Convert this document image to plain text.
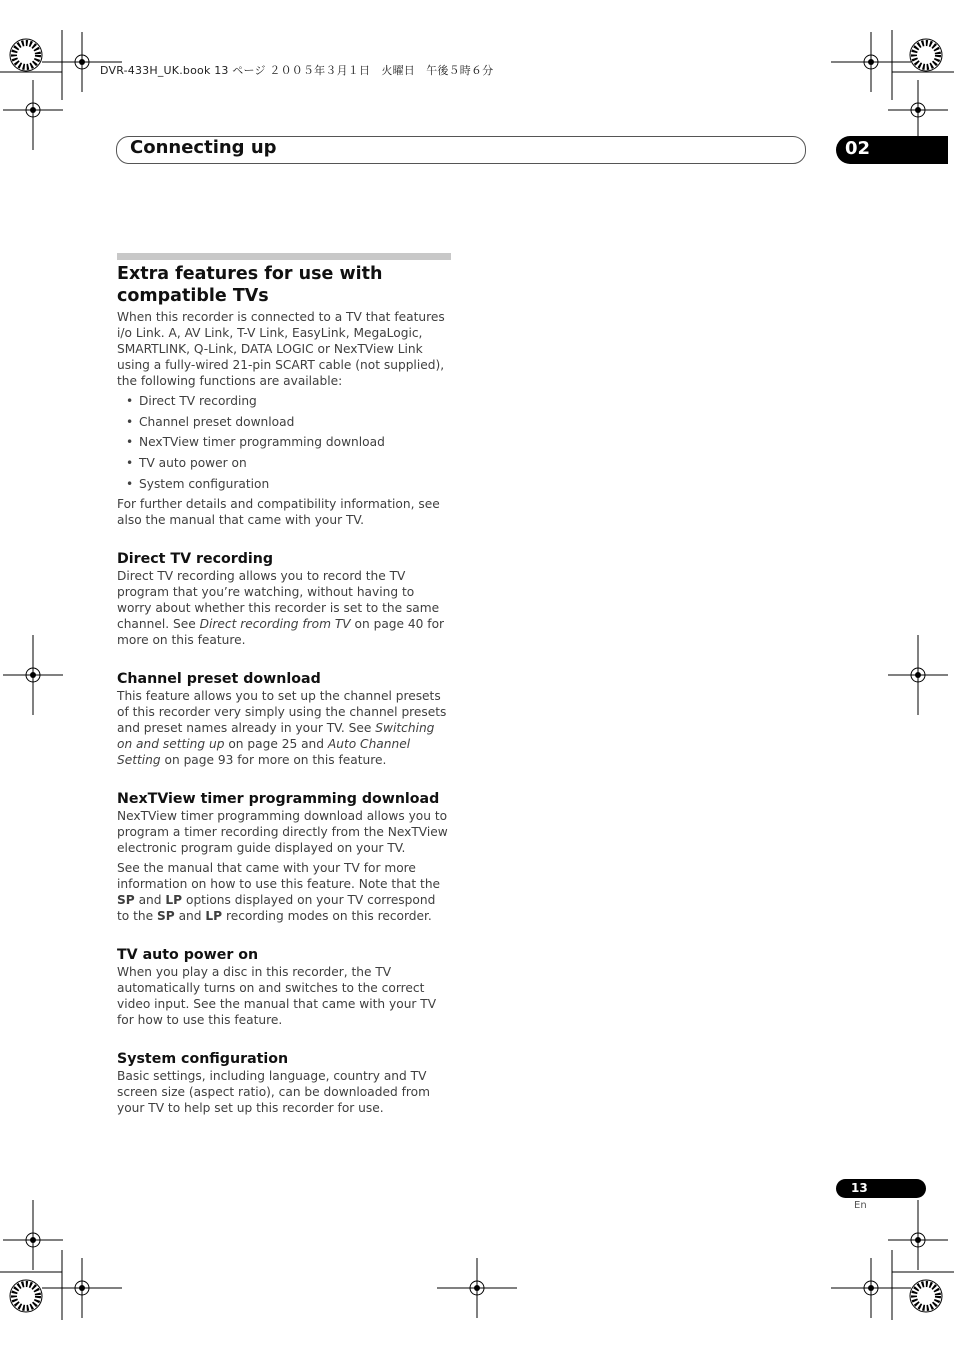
DVR-433H_UK.book 13 ページ ２００５年３月１日　火曜日　午後５時６分
Connecting up	02
Extra features for use with compatible TVs

When this recorder is connected to a TV that features i/o Link. A, AV Link, T-V Link, EasyLink, MegaLogic, SMARTLINK, Q-Link, DATA LOGIC or NexTView Link using a fully-wired 21-pin SCART cable (not supplied), the following functions are available:

• Direct TV recording
• Channel preset download
• NexTView timer programming download
• TV auto power on
• System configuration

For further details and compatibility information, see also the manual that came with your TV.

Direct TV recording

Direct TV recording allows you to record the TV program that you’re watching, without having to worry about whether this recorder is set to the same channel. See Direct recording from TV on page 40 for more on this feature.

Channel preset download

This feature allows you to set up the channel presets of this recorder very simply using the channel presets and preset names already in your TV. See Switching on and setting up on page 25 and Auto Channel Setting on page 93 for more on this feature.

NexTView timer programming download

NexTView timer programming download allows you to program a timer recording directly from the NexTView electronic program guide displayed on your TV.

See the manual that came with your TV for more information on how to use this feature. Note that the SP and LP options displayed on your TV correspond to the SP and LP recording modes on this recorder.

TV auto power on

When you play a disc in this recorder, the TV automatically turns on and switches to the correct video input. See the manual that came with your TV for how to use this feature.

System configuration

Basic settings, including language, country and TV screen size (aspect ratio), can be downloaded from your TV to help set up this recorder for use.

13
En
